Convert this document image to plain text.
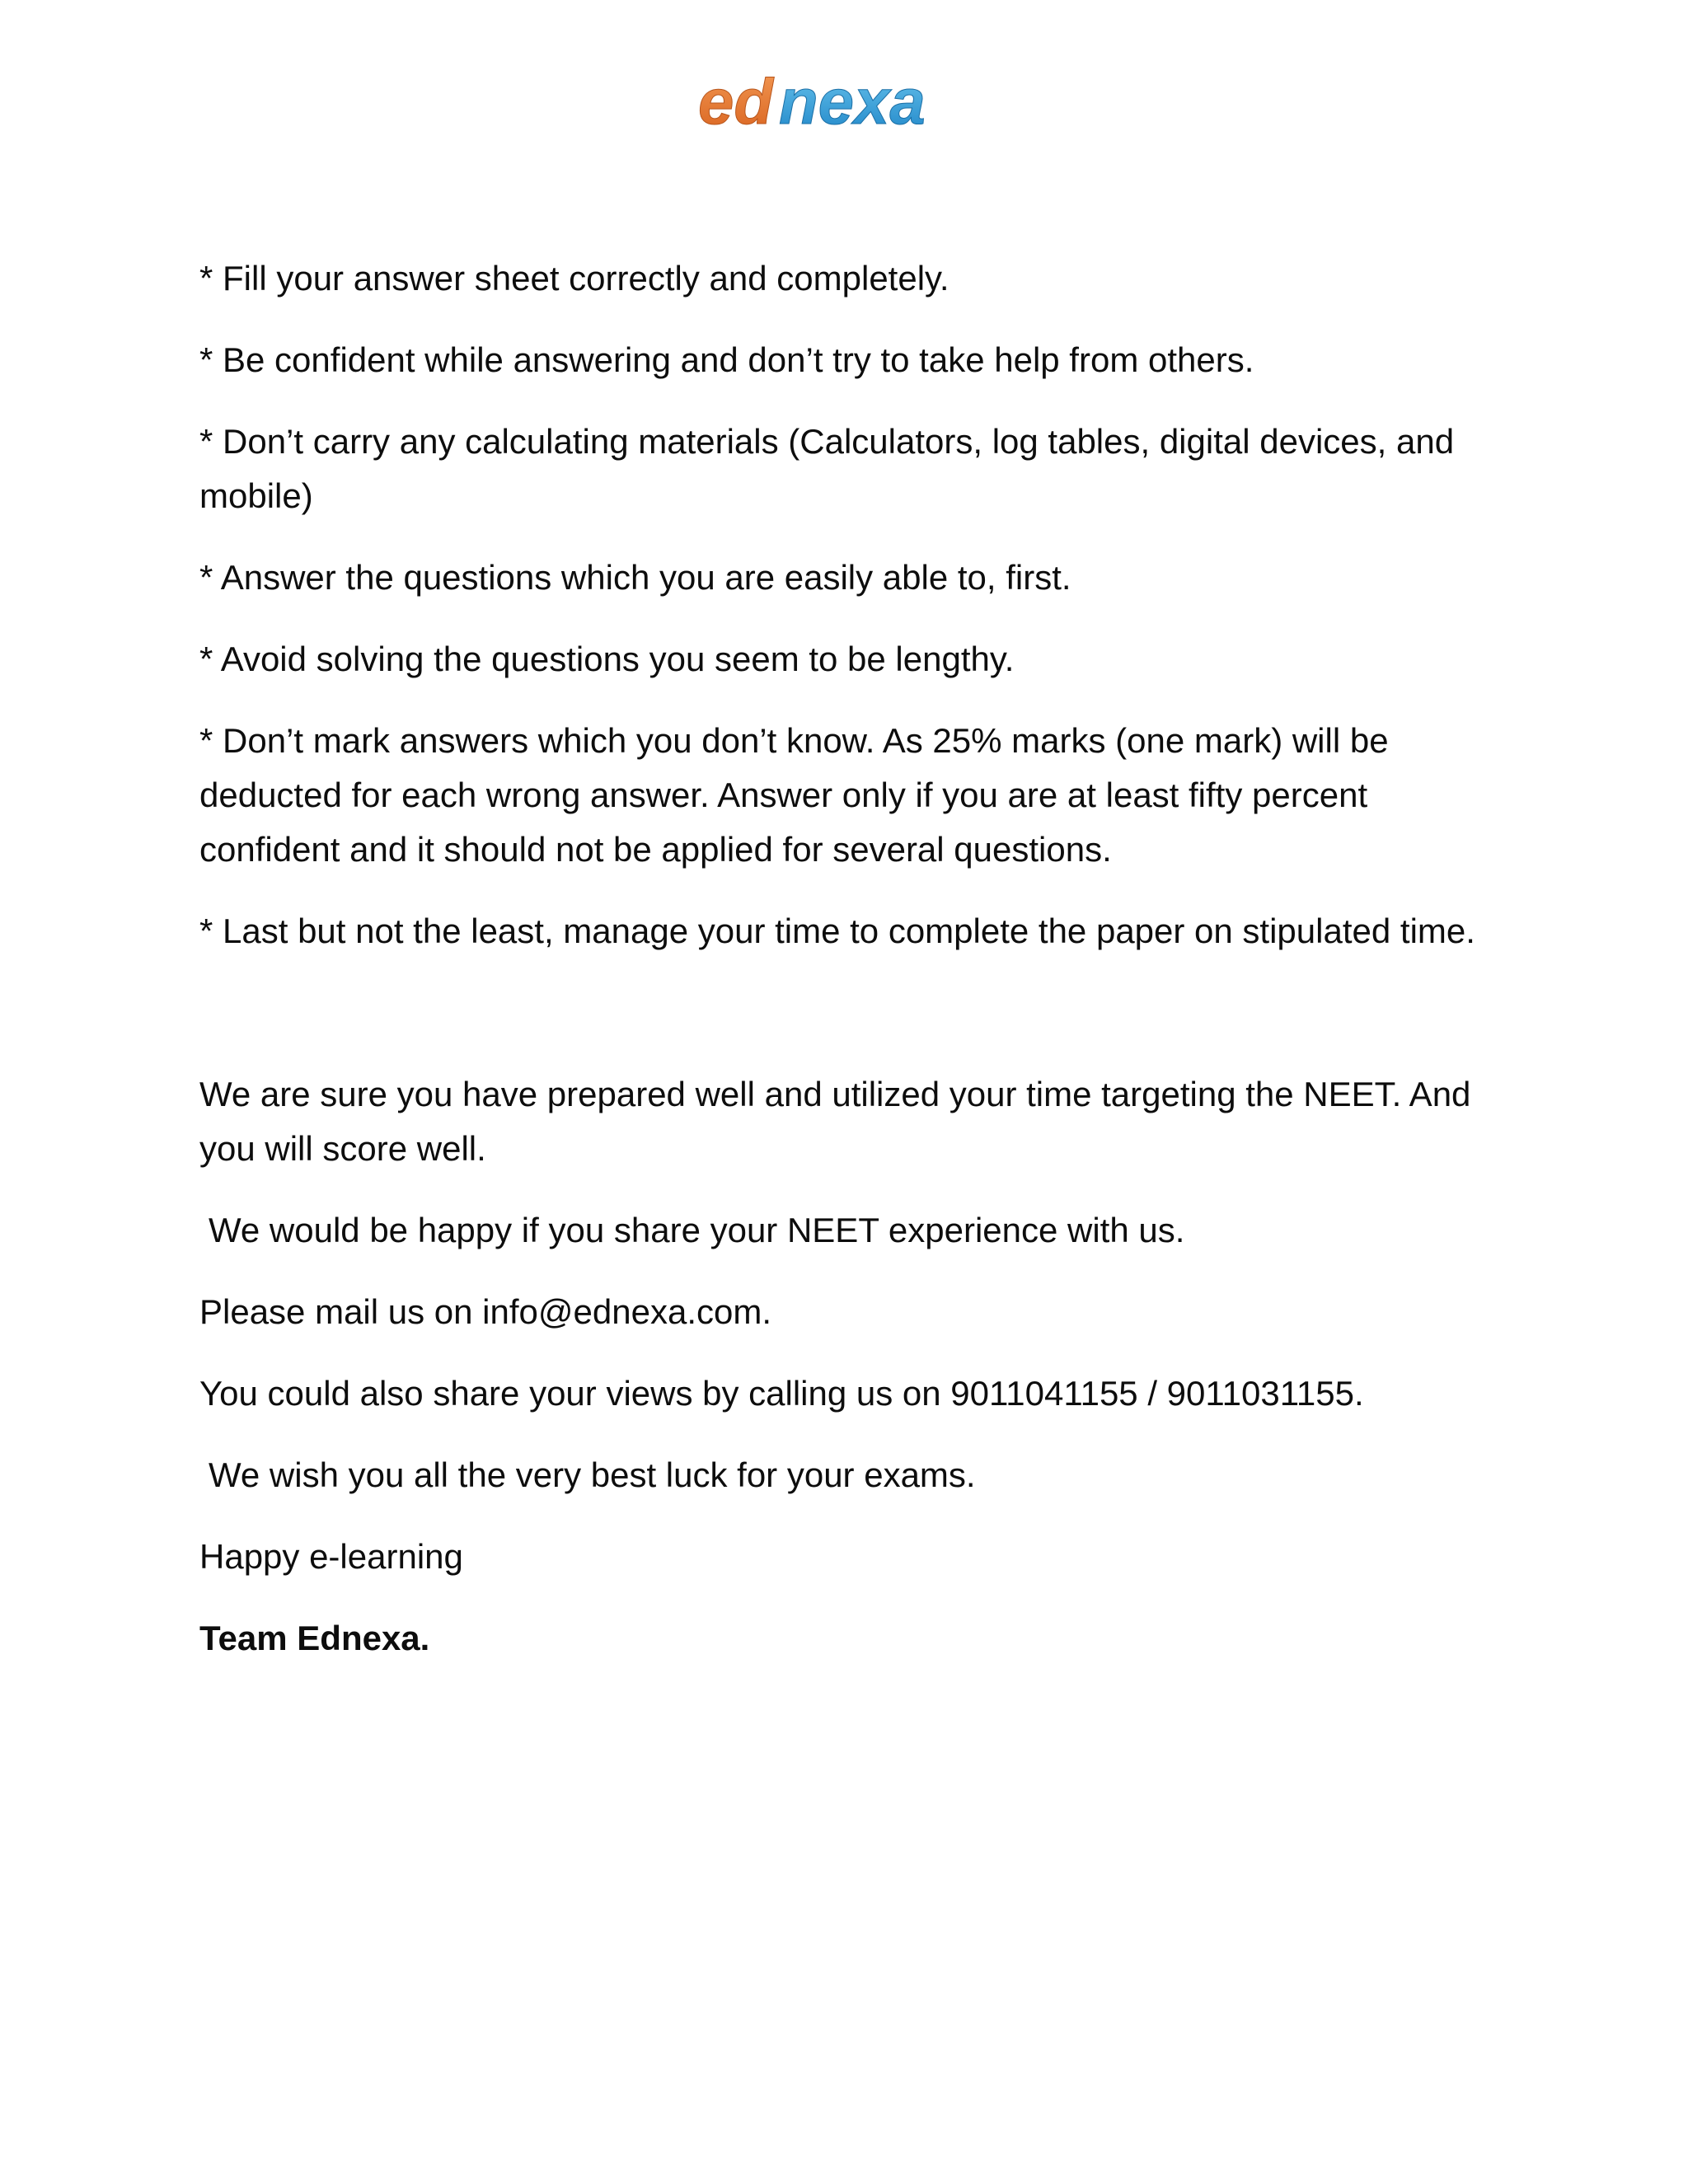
ed nexa

* Fill your answer sheet correctly and completely.

* Be confident while answering and don’t try to take help from others.

* Don’t carry any calculating materials (Calculators, log tables, digital devices, and mobile)

* Answer the questions which you are easily able to, first.

* Avoid solving the questions you seem to be lengthy.

* Don’t mark answers which you don’t know. As 25% marks (one mark) will be deducted for each wrong answer. Answer only if you are at least fifty percent confident and it should not be applied for several questions.

* Last but not the least, manage your time to complete the paper on stipulated time.

We are sure you have prepared well and utilized your time targeting the NEET. And you will score well.

We would be happy if you share your NEET experience with us.

Please mail us on info@ednexa.com.

You could also share your views by calling us on 9011041155 / 9011031155.

We wish you all the very best luck for your exams.

Happy e-learning

Team Ednexa.
